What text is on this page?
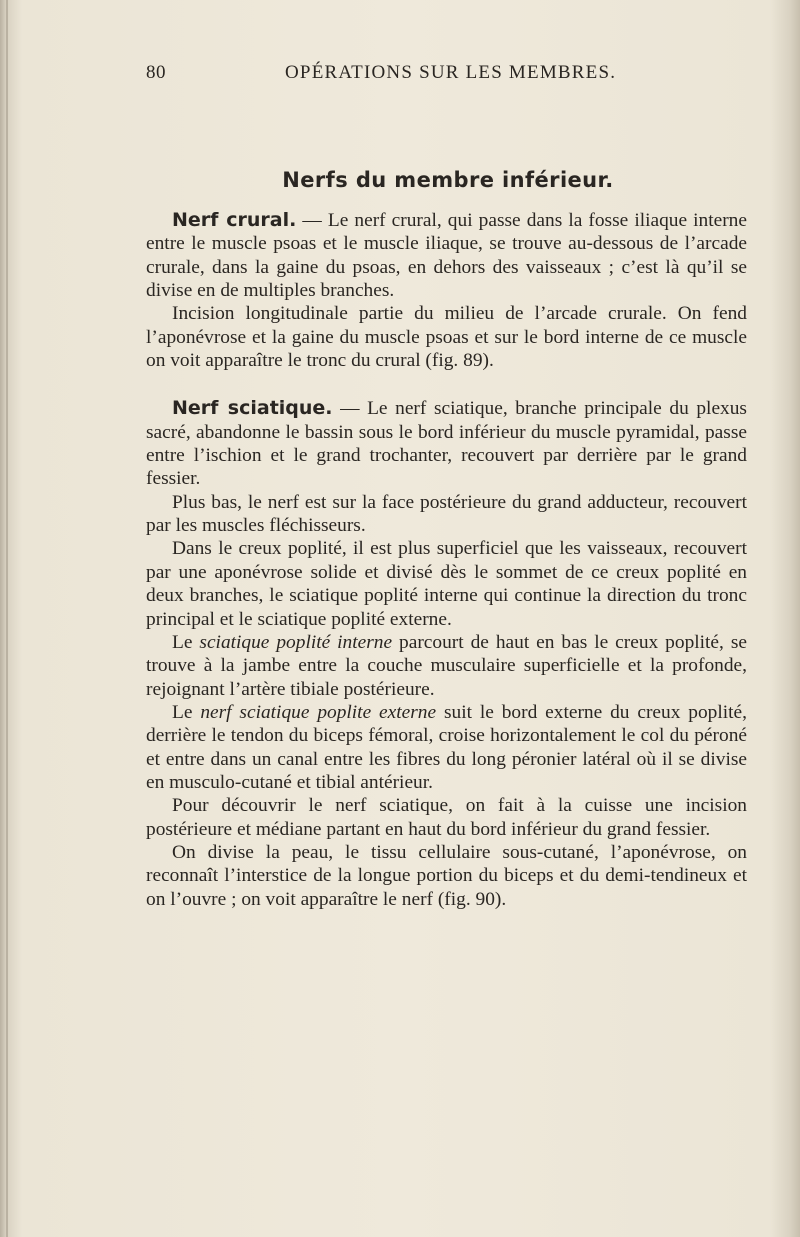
80	OPÉRATIONS SUR LES MEMBRES.
Nerfs du membre inférieur.

Nerf crural. — Le nerf crural, qui passe dans la fosse iliaque interne entre le muscle psoas et le muscle iliaque, se trouve au-dessous de l’arcade crurale, dans la gaine du psoas, en dehors des vaisseaux ; c’est là qu’il se divise en de multiples branches.

Incision longitudinale partie du milieu de l’arcade crurale. On fend l’aponévrose et la gaine du muscle psoas et sur le bord interne de ce muscle on voit apparaître le tronc du crural (fig. 89).

Nerf sciatique. — Le nerf sciatique, branche principale du plexus sacré, abandonne le bassin sous le bord inférieur du muscle pyramidal, passe entre l’ischion et le grand trochanter, recouvert par derrière par le grand fessier.

Plus bas, le nerf est sur la face postérieure du grand adducteur, recouvert par les muscles fléchisseurs.

Dans le creux poplité, il est plus superficiel que les vaisseaux, recouvert par une aponévrose solide et divisé dès le sommet de ce creux poplité en deux branches, le sciatique poplité interne qui continue la direction du tronc principal et le sciatique poplité externe.

Le sciatique poplité interne parcourt de haut en bas le creux poplité, se trouve à la jambe entre la couche musculaire superficielle et la profonde, rejoignant l’artère tibiale postérieure.

Le nerf sciatique poplite externe suit le bord externe du creux poplité, derrière le tendon du biceps fémoral, croise horizontalement le col du péroné et entre dans un canal entre les fibres du long péronier latéral où il se divise en musculo-cutané et tibial antérieur.

Pour découvrir le nerf sciatique, on fait à la cuisse une incision postérieure et médiane partant en haut du bord inférieur du grand fessier.

On divise la peau, le tissu cellulaire sous-cutané, l’aponévrose, on reconnaît l’interstice de la longue portion du biceps et du demi-tendineux et on l’ouvre ; on voit apparaître le nerf (fig. 90).
